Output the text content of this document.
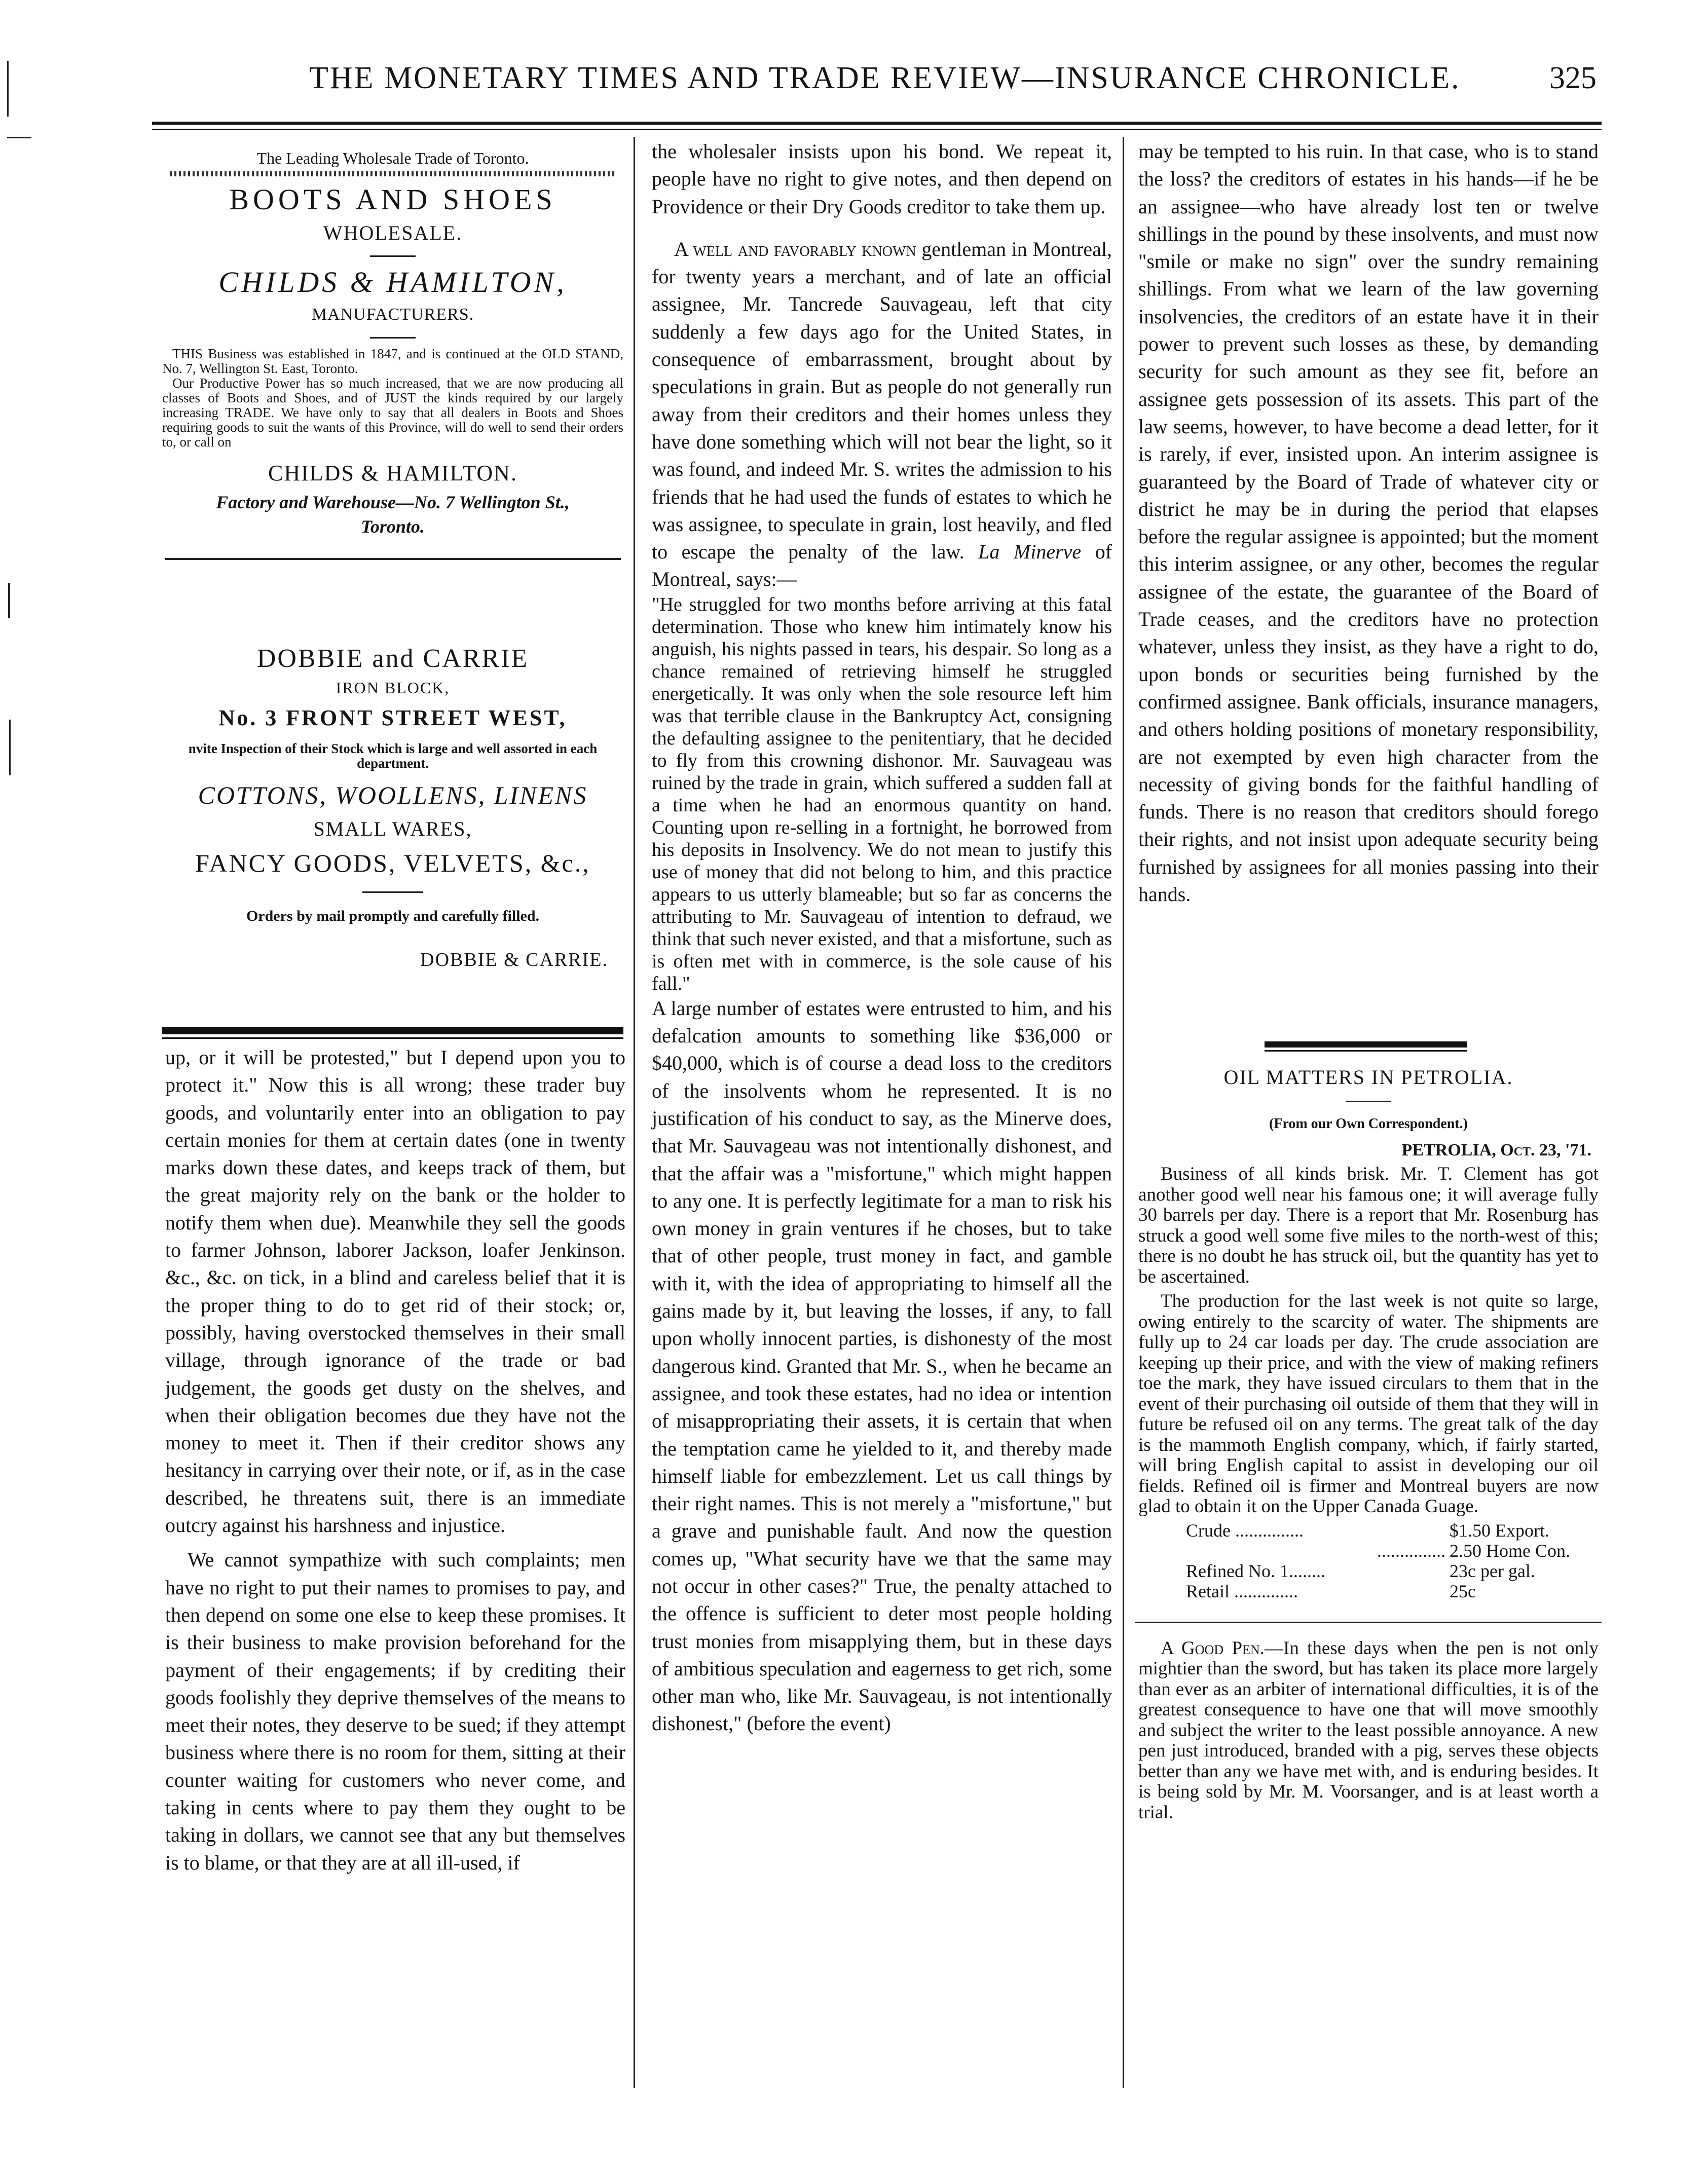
THE MONETARY TIMES AND TRADE REVIEW—INSURANCE CHRONICLE.	325
The Leading Wholesale Trade of Toronto.
BOOTS AND SHOES
WHOLESALE.
CHILDS & HAMILTON,
MANUFACTURERS.
THIS Business was established in 1847, and is continued at the OLD STAND, No. 7, Wellington St. East, Toronto.
Our Productive Power has so much increased, that we are now producing all classes of Boots and Shoes, and of JUST the kinds required by our largely increasing TRADE. We have only to say that all dealers in Boots and Shoes requiring goods to suit the wants of this Province, will do well to send their orders to, or call on
CHILDS & HAMILTON.
Factory and Warehouse—No. 7 Wellington St.,
Toronto.
DOBBIE and CARRIE
IRON BLOCK,
No. 3 FRONT STREET WEST,
nvite Inspection of their Stock which is large and well assorted in each department.
COTTONS, WOOLLENS, LINENS
SMALL WARES,
FANCY GOODS, VELVETS, &c.,
Orders by mail promptly and carefully filled.
DOBBIE & CARRIE.

up, or it will be protested," but I depend upon you to protect it." Now this is all wrong; these trader buy goods, and voluntarily enter into an obligation to pay certain monies for them at certain dates (one in twenty marks down these dates, and keeps track of them, but the great majority rely on the bank or the holder to notify them when due). Meanwhile they sell the goods to farmer Johnson, laborer Jackson, loafer Jenkinson. &c., &c. on tick, in a blind and careless belief that it is the proper thing to do to get rid of their stock; or, possibly, having overstocked themselves in their small village, through ignorance of the trade or bad judgement, the goods get dusty on the shelves, and when their obligation becomes due they have not the money to meet it. Then if their creditor shows any hesitancy in carrying over their note, or if, as in the case described, he threatens suit, there is an immediate outcry against his harshness and injustice.

We cannot sympathize with such complaints; men have no right to put their names to promises to pay, and then depend on some one else to keep these promises. It is their business to make provision beforehand for the payment of their engagements; if by crediting their goods foolishly they deprive themselves of the means to meet their notes, they deserve to be sued; if they attempt business where there is no room for them, sitting at their counter waiting for customers who never come, and taking in cents where to pay them they ought to be taking in dollars, we cannot see that any but themselves is to blame, or that they are at all ill-used, if

the wholesaler insists upon his bond. We repeat it, people have no right to give notes, and then depend on Providence or their Dry Goods creditor to take them up.

A well and favorably known gentleman in Montreal, for twenty years a merchant, and of late an official assignee, Mr. Tancrede Sauvageau, left that city suddenly a few days ago for the United States, in consequence of embarrassment, brought about by speculations in grain. But as people do not generally run away from their creditors and their homes unless they have done something which will not bear the light, so it was found, and indeed Mr. S. writes the admission to his friends that he had used the funds of estates to which he was assignee, to speculate in grain, lost heavily, and fled to escape the penalty of the law. La Minerve of Montreal, says:—

"He struggled for two months before arriving at this fatal determination. Those who knew him intimately know his anguish, his nights passed in tears, his despair. So long as a chance remained of retrieving himself he struggled energetically. It was only when the sole resource left him was that terrible clause in the Bankruptcy Act, consigning the defaulting assignee to the penitentiary, that he decided to fly from this crowning dishonor. Mr. Sauvageau was ruined by the trade in grain, which suffered a sudden fall at a time when he had an enormous quantity on hand. Counting upon re-selling in a fortnight, he borrowed from his deposits in Insolvency. We do not mean to justify this use of money that did not belong to him, and this practice appears to us utterly blameable; but so far as concerns the attributing to Mr. Sauvageau of intention to defraud, we think that such never existed, and that a misfortune, such as is often met with in commerce, is the sole cause of his fall."

A large number of estates were entrusted to him, and his defalcation amounts to something like $36,000 or $40,000, which is of course a dead loss to the creditors of the insolvents whom he represented. It is no justification of his conduct to say, as the Minerve does, that Mr. Sauvageau was not intentionally dishonest, and that the affair was a "misfortune," which might happen to any one. It is perfectly legitimate for a man to risk his own money in grain ventures if he choses, but to take that of other people, trust money in fact, and gamble with it, with the idea of appropriating to himself all the gains made by it, but leaving the losses, if any, to fall upon wholly innocent parties, is dishonesty of the most dangerous kind. Granted that Mr. S., when he became an assignee, and took these estates, had no idea or intention of misappropriating their assets, it is certain that when the temptation came he yielded to it, and thereby made himself liable for embezzlement. Let us call things by their right names. This is not merely a "misfortune," but a grave and punishable fault. And now the question comes up, "What security have we that the same may not occur in other cases?" True, the penalty attached to the offence is sufficient to deter most people holding trust monies from misapplying them, but in these days of ambitious speculation and eagerness to get rich, some other man who, like Mr. Sauvageau, is not intentionally dishonest," (before the event)

may be tempted to his ruin. In that case, who is to stand the loss? the creditors of estates in his hands—if he be an assignee—who have already lost ten or twelve shillings in the pound by these insolvents, and must now "smile or make no sign" over the sundry remaining shillings. From what we learn of the law governing insolvencies, the creditors of an estate have it in their power to prevent such losses as these, by demanding security for such amount as they see fit, before an assignee gets possession of its assets. This part of the law seems, however, to have become a dead letter, for it is rarely, if ever, insisted upon. An interim assignee is guaranteed by the Board of Trade of whatever city or district he may be in during the period that elapses before the regular assignee is appointed; but the moment this interim assignee, or any other, becomes the regular assignee of the estate, the guarantee of the Board of Trade ceases, and the creditors have no protection whatever, unless they insist, as they have a right to do, upon bonds or securities being furnished by the confirmed assignee. Bank officials, insurance managers, and others holding positions of monetary responsibility, are not exempted by even high character from the necessity of giving bonds for the faithful handling of funds. There is no reason that creditors should forego their rights, and not insist upon adequate security being furnished by assignees for all monies passing into their hands.

OIL MATTERS IN PETROLIA.
(From our Own Correspondent.)
PETROLIA, Oct. 23, '71.

Business of all kinds brisk. Mr. T. Clement has got another good well near his famous one; it will average fully 30 barrels per day. There is a report that Mr. Rosenburg has struck a good well some five miles to the north-west of this; there is no doubt he has struck oil, but the quantity has yet to be ascertained.

The production for the last week is not quite so large, owing entirely to the scarcity of water. The shipments are fully up to 24 car loads per day. The crude association are keeping up their price, and with the view of making refiners toe the mark, they have issued circulars to them that in the event of their purchasing oil outside of them that they will in future be refused oil on any terms. The great talk of the day is the mammoth English company, which, if fairly started, will bring English capital to assist in developing our oil fields. Refined oil is firmer and Montreal buyers are now glad to obtain it on the Upper Canada Guage.

Crude ...............	$1.50 Export.
............... 2.50 Home Con.
Refined No. 1........	23c per gal.
Retail ..............	25c

A Good Pen.—In these days when the pen is not only mightier than the sword, but has taken its place more largely than ever as an arbiter of international difficulties, it is of the greatest consequence to have one that will move smoothly and subject the writer to the least possible annoyance. A new pen just introduced, branded with a pig, serves these objects better than any we have met with, and is enduring besides. It is being sold by Mr. M. Voorsanger, and is at least worth a trial.
